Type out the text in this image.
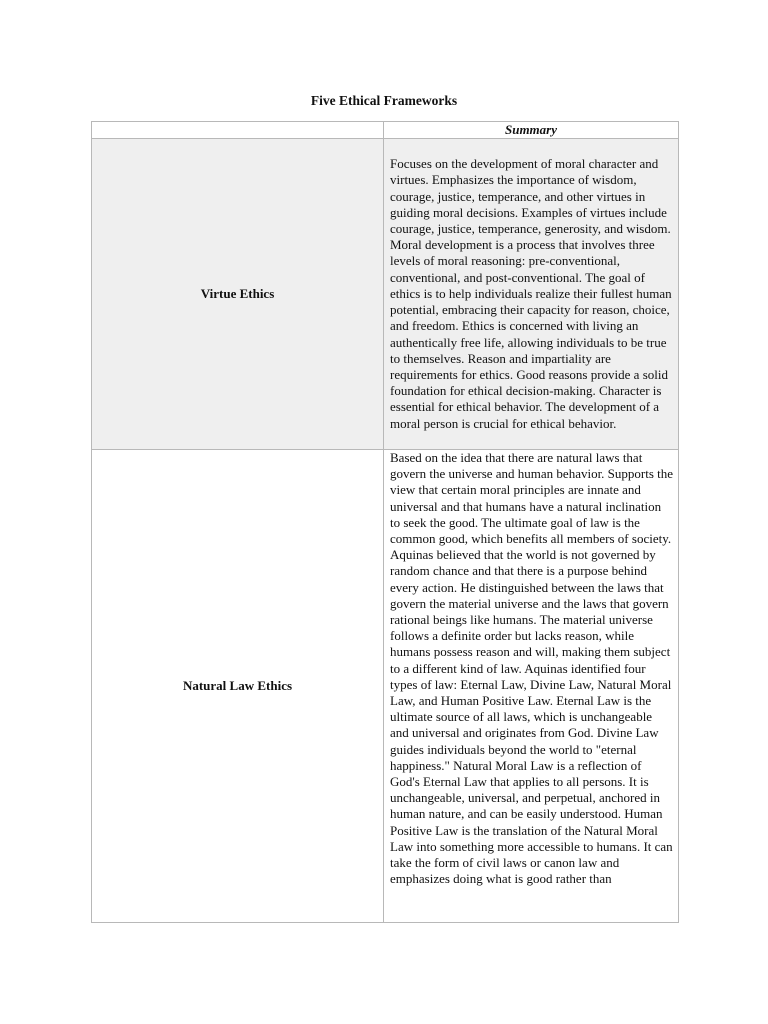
Five Ethical Frameworks
	Summary
Virtue Ethics	Focuses on the development of moral character and virtues. Emphasizes the importance of wisdom, courage, justice, temperance, and other virtues in guiding moral decisions. Examples of virtues include courage, justice, temperance, generosity, and wisdom. Moral development is a process that involves three levels of moral reasoning: pre-conventional, conventional, and post-conventional. The goal of ethics is to help individuals realize their fullest human potential, embracing their capacity for reason, choice, and freedom. Ethics is concerned with living an authentically free life, allowing individuals to be true to themselves. Reason and impartiality are requirements for ethics. Good reasons provide a solid foundation for ethical decision-making. Character is essential for ethical behavior. The development of a moral person is crucial for ethical behavior.
Natural Law Ethics	Based on the idea that there are natural laws that govern the universe and human behavior. Supports the view that certain moral principles are innate and universal and that humans have a natural inclination to seek the good. The ultimate goal of law is the common good, which benefits all members of society. Aquinas believed that the world is not governed by random chance and that there is a purpose behind every action. He distinguished between the laws that govern the material universe and the laws that govern rational beings like humans. The material universe follows a definite order but lacks reason, while humans possess reason and will, making them subject to a different kind of law. Aquinas identified four types of law: Eternal Law, Divine Law, Natural Moral Law, and Human Positive Law. Eternal Law is the ultimate source of all laws, which is unchangeable and universal and originates from God. Divine Law guides individuals beyond the world to "eternal happiness." Natural Moral Law is a reflection of God's Eternal Law that applies to all persons. It is unchangeable, universal, and perpetual, anchored in human nature, and can be easily understood. Human Positive Law is the translation of the Natural Moral Law into something more accessible to humans. It can take the form of civil laws or canon law and emphasizes doing what is good rather than
